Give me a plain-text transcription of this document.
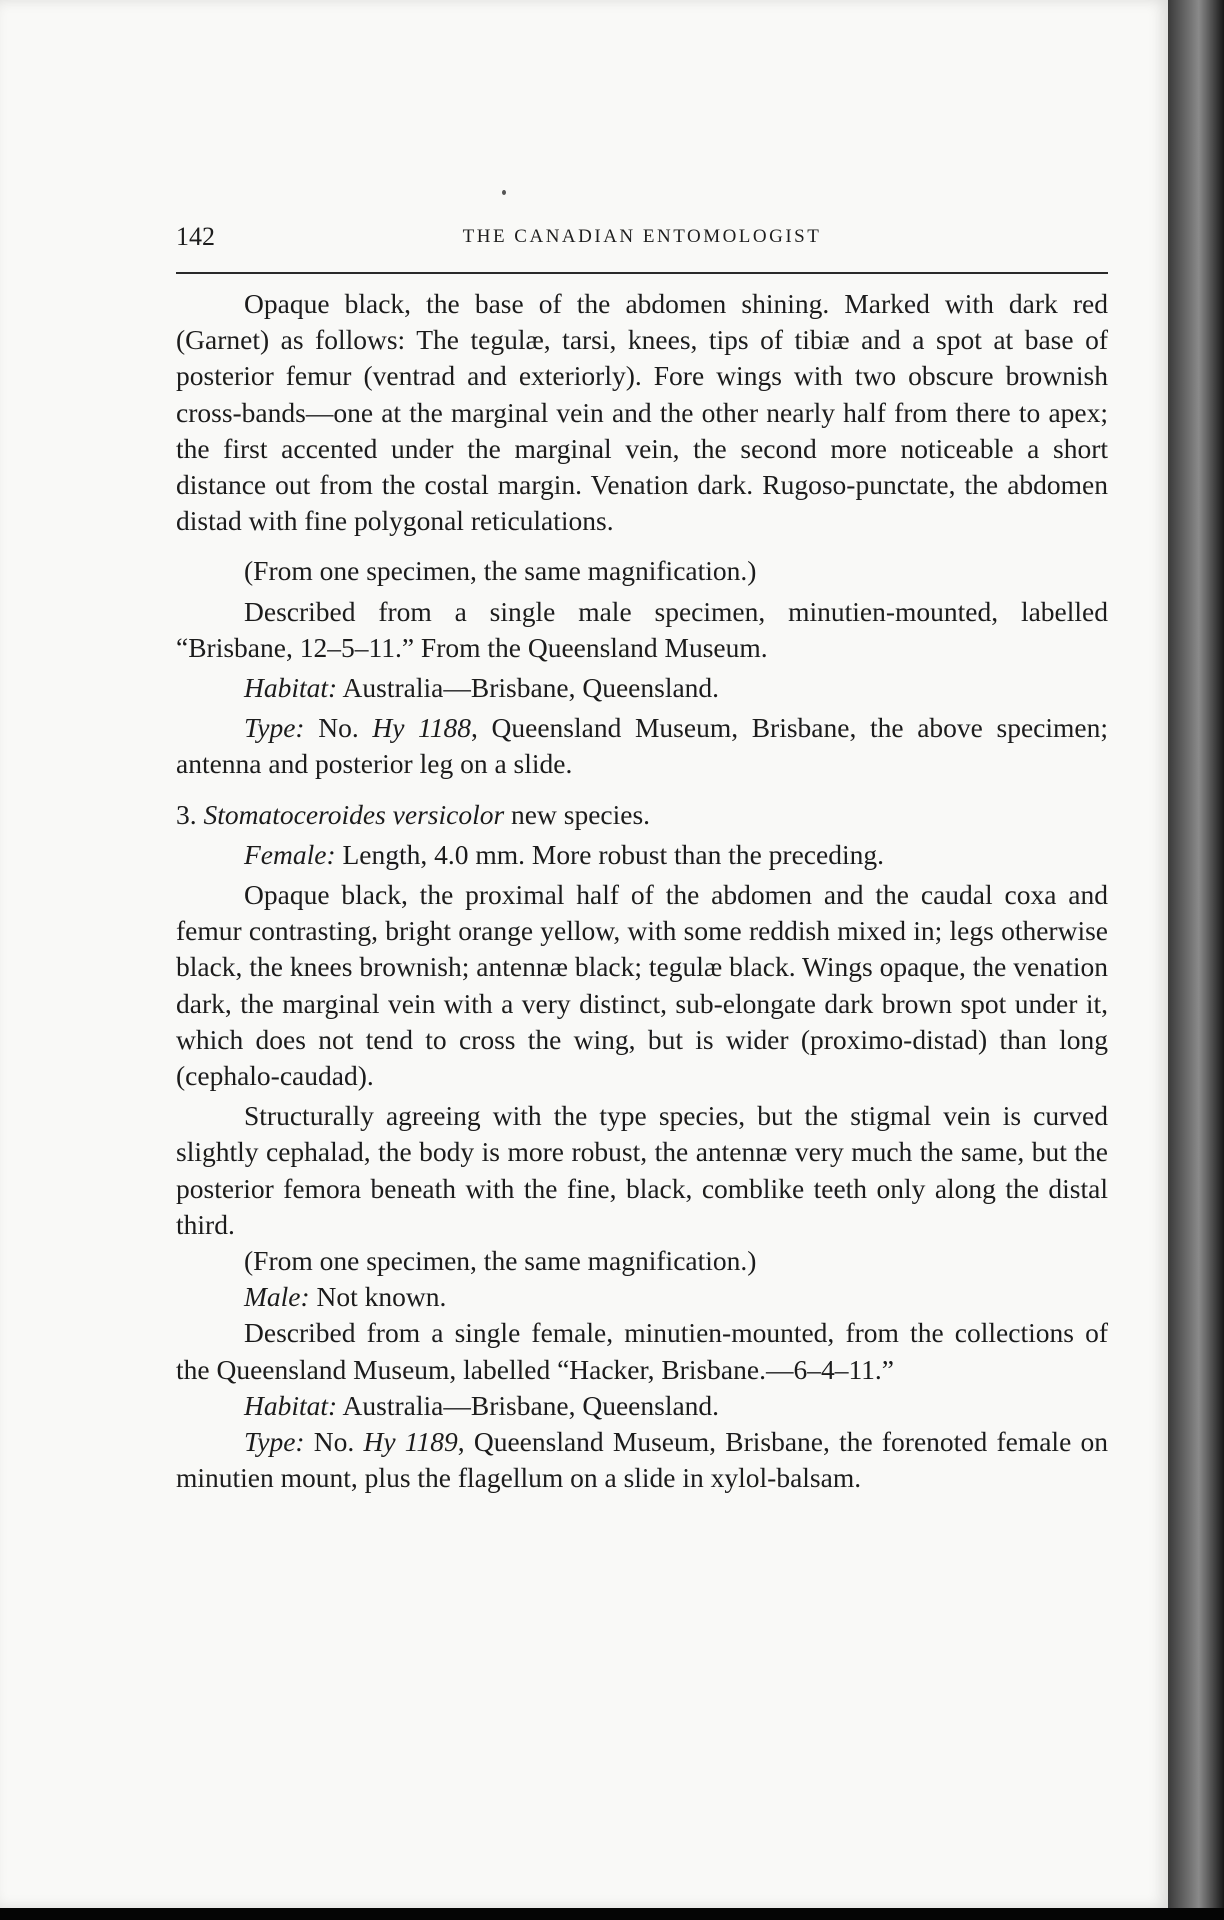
142	THE CANADIAN ENTOMOLOGIST

Opaque black, the base of the abdomen shining. Marked with dark red (Garnet) as follows: The tegulæ, tarsi, knees, tips of tibiæ and a spot at base of posterior femur (ventrad and exteriorly). Fore wings with two obscure brownish cross-bands—one at the marginal vein and the other nearly half from there to apex; the first accented under the marginal vein, the second more noticeable a short distance out from the costal margin. Venation dark. Rugoso-punctate, the abdomen distad with fine polygonal reticulations.

(From one specimen, the same magnification.)

Described from a single male specimen, minutien-mounted, labelled “Brisbane, 12–5–11.” From the Queensland Museum.

Habitat: Australia—Brisbane, Queensland.

Type: No. Hy 1188, Queensland Museum, Brisbane, the above specimen; antenna and posterior leg on a slide.

3. Stomatoceroides versicolor new species.

Female: Length, 4.0 mm. More robust than the preceding.

Opaque black, the proximal half of the abdomen and the caudal coxa and femur contrasting, bright orange yellow, with some reddish mixed in; legs otherwise black, the knees brownish; antennæ black; tegulæ black. Wings opaque, the venation dark, the marginal vein with a very distinct, sub-elongate dark brown spot under it, which does not tend to cross the wing, but is wider (proximo-distad) than long (cephalo-caudad).

Structurally agreeing with the type species, but the stigmal vein is curved slightly cephalad, the body is more robust, the antennæ very much the same, but the posterior femora beneath with the fine, black, comblike teeth only along the distal third.

(From one specimen, the same magnification.)

Male: Not known.

Described from a single female, minutien-mounted, from the collections of the Queensland Museum, labelled “Hacker, Brisbane.—6–4–11.”

Habitat: Australia—Brisbane, Queensland.

Type: No. Hy 1189, Queensland Museum, Brisbane, the forenoted female on minutien mount, plus the flagellum on a slide in xylol-balsam.
